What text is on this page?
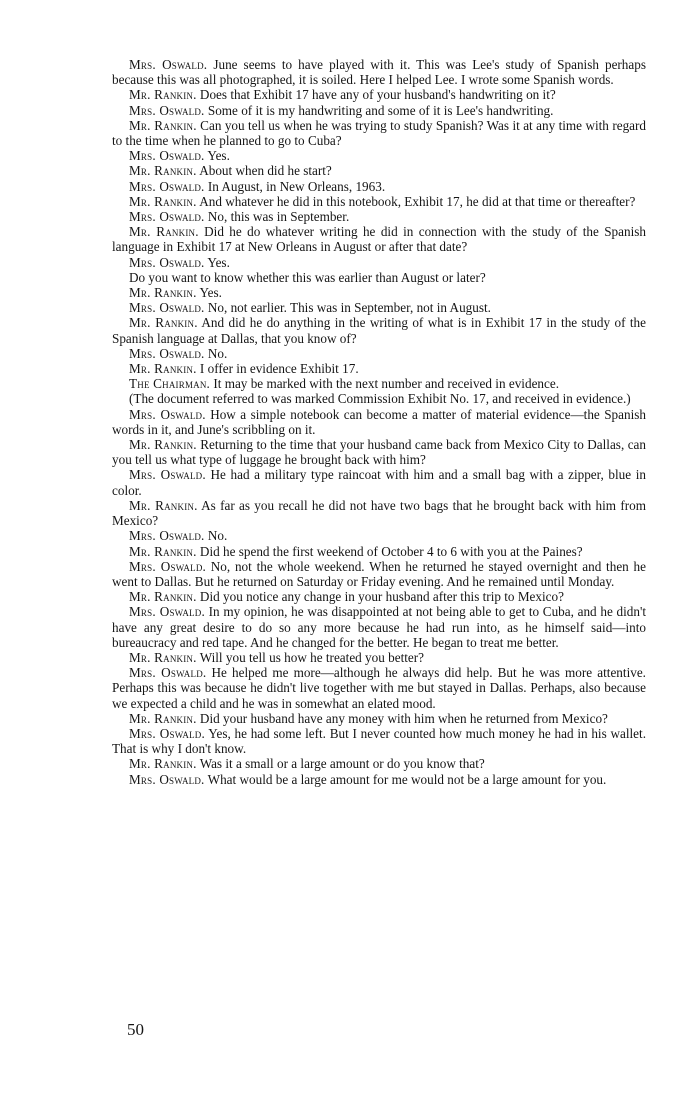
Mrs. Oswald. June seems to have played with it. This was Lee's study of Spanish perhaps because this was all photographed, it is soiled. Here I helped Lee. I wrote some Spanish words.

Mr. Rankin. Does that Exhibit 17 have any of your husband's handwriting on it?

Mrs. Oswald. Some of it is my handwriting and some of it is Lee's handwriting.

Mr. Rankin. Can you tell us when he was trying to study Spanish? Was it at any time with regard to the time when he planned to go to Cuba?

Mrs. Oswald. Yes.

Mr. Rankin. About when did he start?

Mrs. Oswald. In August, in New Orleans, 1963.

Mr. Rankin. And whatever he did in this notebook, Exhibit 17, he did at that time or thereafter?

Mrs. Oswald. No, this was in September.

Mr. Rankin. Did he do whatever writing he did in connection with the study of the Spanish language in Exhibit 17 at New Orleans in August or after that date?

Mrs. Oswald. Yes.

Do you want to know whether this was earlier than August or later?

Mr. Rankin. Yes.

Mrs. Oswald. No, not earlier. This was in September, not in August.

Mr. Rankin. And did he do anything in the writing of what is in Exhibit 17 in the study of the Spanish language at Dallas, that you know of?

Mrs. Oswald. No.

Mr. Rankin. I offer in evidence Exhibit 17.

The Chairman. It may be marked with the next number and received in evidence.

(The document referred to was marked Commission Exhibit No. 17, and received in evidence.)

Mrs. Oswald. How a simple notebook can become a matter of material evidence—the Spanish words in it, and June's scribbling on it.

Mr. Rankin. Returning to the time that your husband came back from Mexico City to Dallas, can you tell us what type of luggage he brought back with him?

Mrs. Oswald. He had a military type raincoat with him and a small bag with a zipper, blue in color.

Mr. Rankin. As far as you recall he did not have two bags that he brought back with him from Mexico?

Mrs. Oswald. No.

Mr. Rankin. Did he spend the first weekend of October 4 to 6 with you at the Paines?

Mrs. Oswald. No, not the whole weekend. When he returned he stayed overnight and then he went to Dallas. But he returned on Saturday or Friday evening. And he remained until Monday.

Mr. Rankin. Did you notice any change in your husband after this trip to Mexico?

Mrs. Oswald. In my opinion, he was disappointed at not being able to get to Cuba, and he didn't have any great desire to do so any more because he had run into, as he himself said—into bureaucracy and red tape. And he changed for the better. He began to treat me better.

Mr. Rankin. Will you tell us how he treated you better?

Mrs. Oswald. He helped me more—although he always did help. But he was more attentive. Perhaps this was because he didn't live together with me but stayed in Dallas. Perhaps, also because we expected a child and he was in somewhat an elated mood.

Mr. Rankin. Did your husband have any money with him when he returned from Mexico?

Mrs. Oswald. Yes, he had some left. But I never counted how much money he had in his wallet. That is why I don't know.

Mr. Rankin. Was it a small or a large amount or do you know that?

Mrs. Oswald. What would be a large amount for me would not be a large amount for you.

50
